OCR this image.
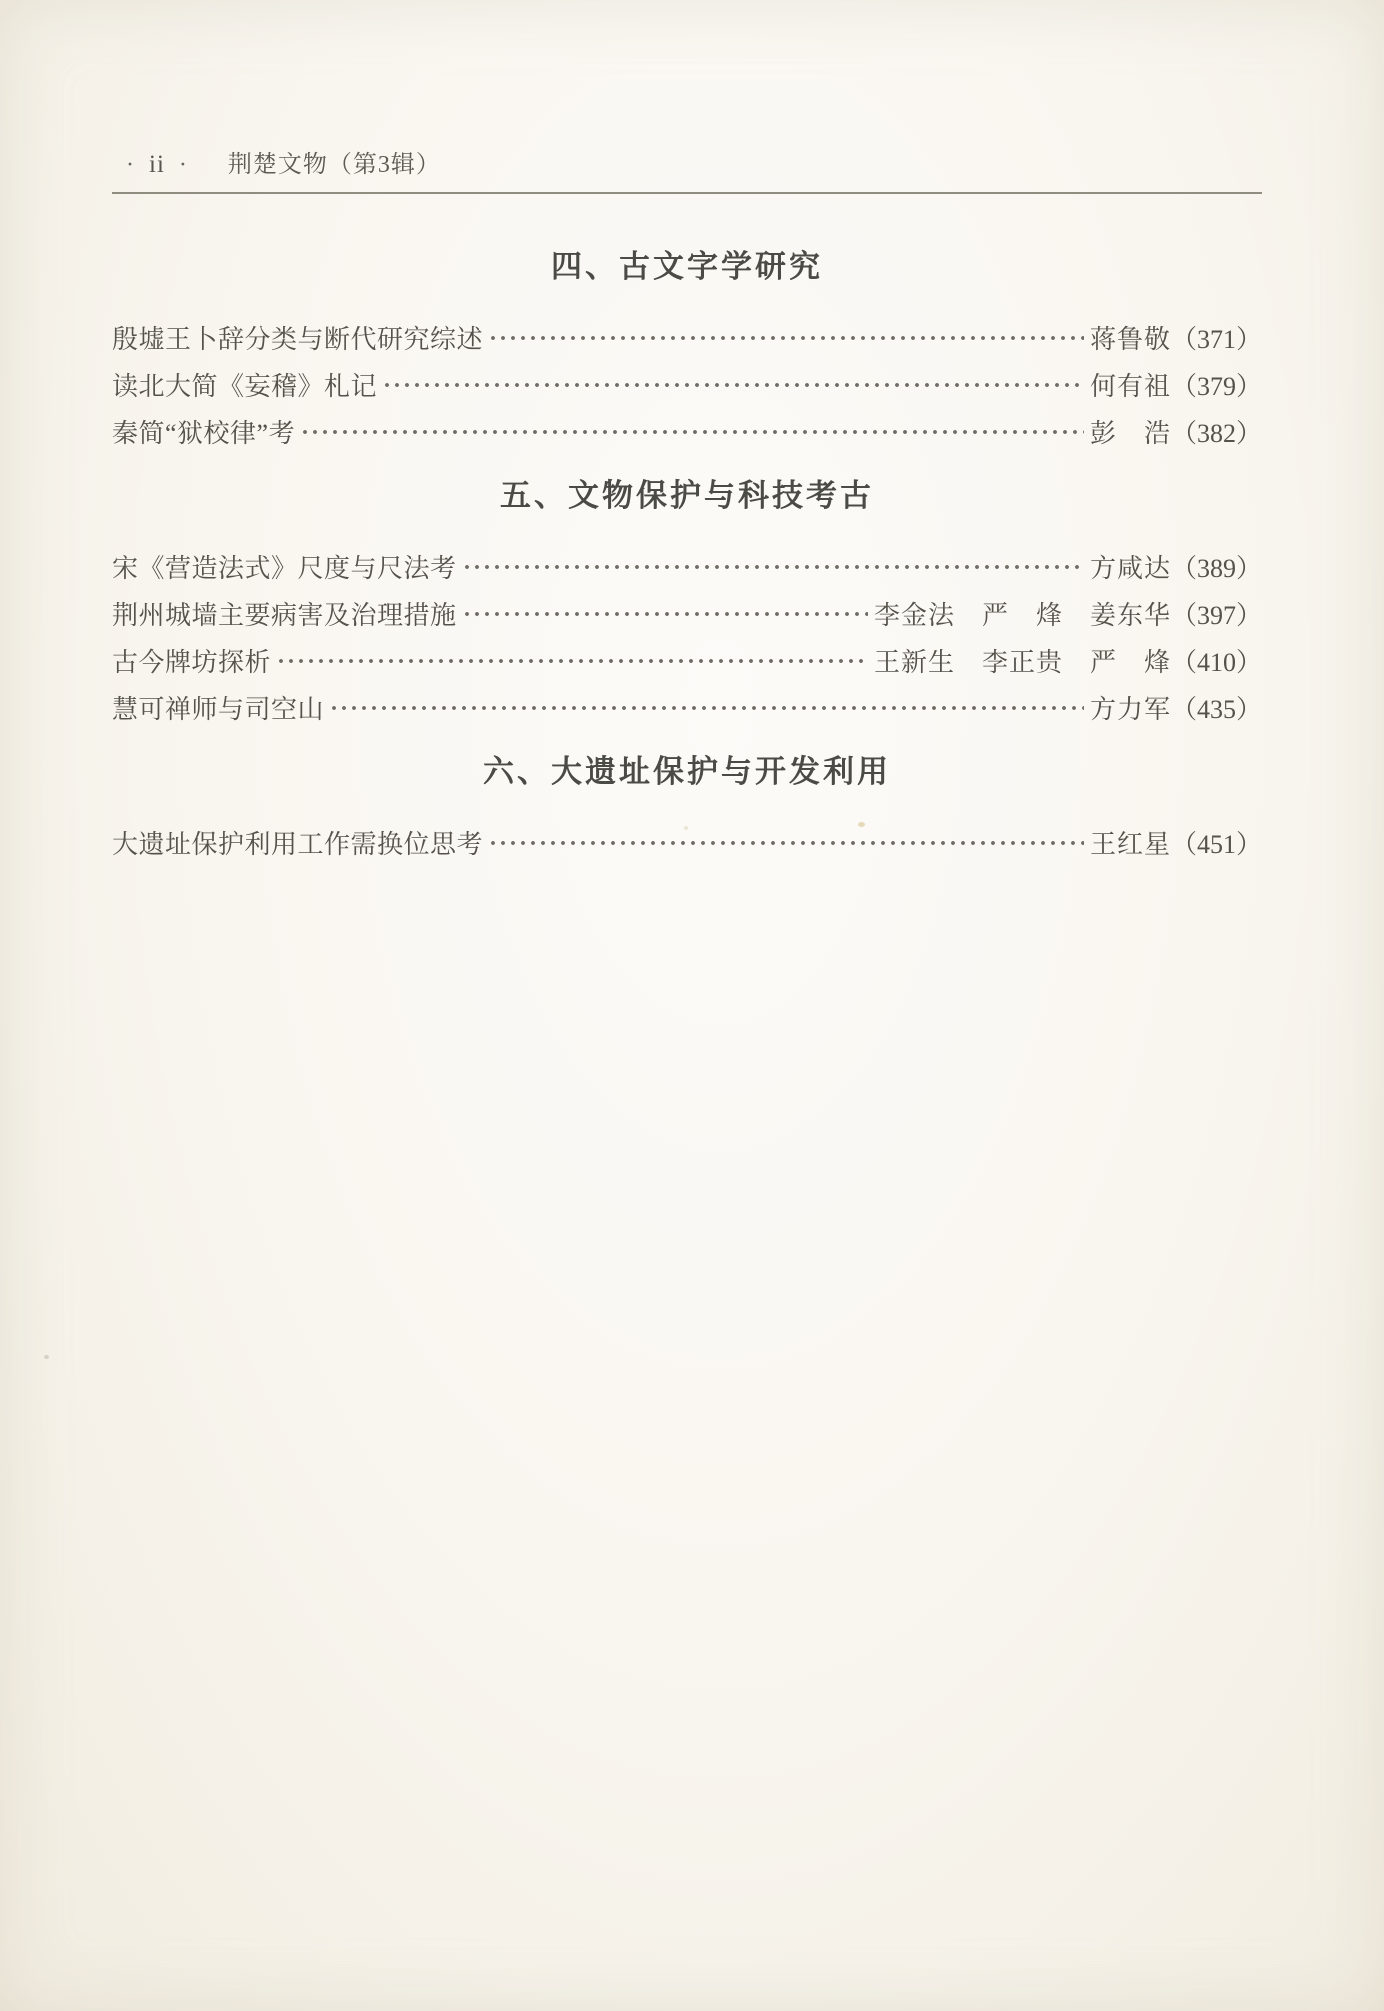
· ii ·	荆楚文物（第3辑）
四、古文字学研究
殷墟王卜辞分类与断代研究综述	蒋鲁敬 （371）
读北大简《妄稽》札记	何有祖 （379）
秦简“狱校律”考	彭　浩 （382）
五、文物保护与科技考古
宋《营造法式》尺度与尺法考	方咸达 （389）
荆州城墙主要病害及治理措施	李金法　严　烽　姜东华 （397）
古今牌坊探析	王新生　李正贵　严　烽 （410）
慧可禅师与司空山	方力军 （435）
六、大遗址保护与开发利用
大遗址保护利用工作需换位思考	王红星 （451）
